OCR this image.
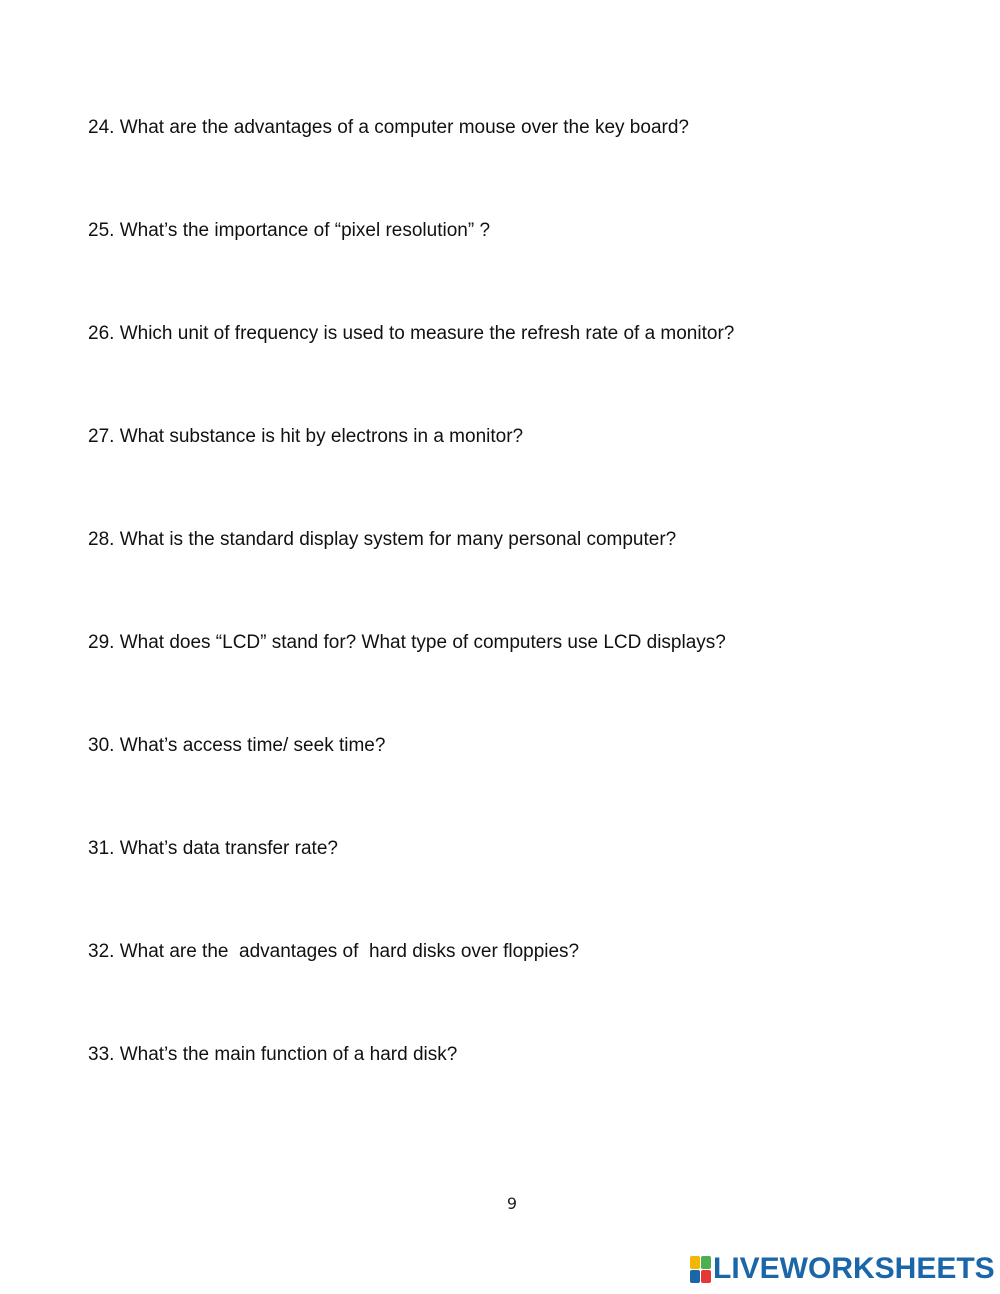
24. What are the advantages of a computer mouse over the key board?

25. What’s the importance of “pixel resolution” ?

26. Which unit of frequency is used to measure the refresh rate of a monitor?

27. What substance is hit by electrons in a monitor?

28. What is the standard display system for many personal computer?

29. What does “LCD” stand for? What type of computers use LCD displays?

30. What’s access time/ seek time?

31. What’s data transfer rate?

32. What are the  advantages of  hard disks over floppies?

33. What’s the main function of a hard disk?

9
LIVEWORKSHEETS
